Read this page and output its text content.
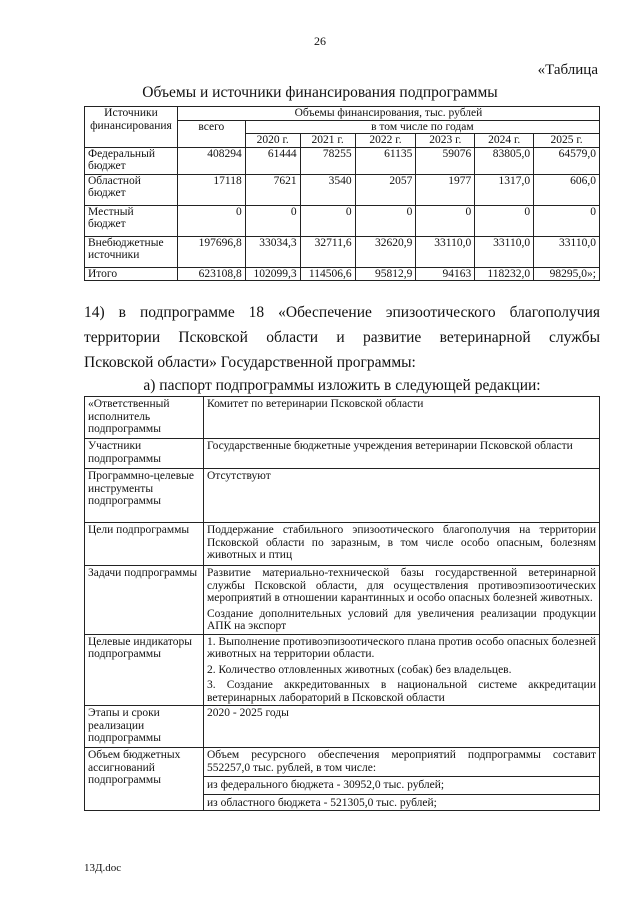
26
«Таблица
Объемы и источники финансирования подпрограммы
Источники финансирования	Объемы финансирования, тыс. рублей						
	всего	в том числе по годам					
		2020 г.	2021 г.	2022 г.	2023 г.	2024 г.	2025 г.
Федеральный бюджет	408294	61444	78255	61135	59076	83805,0	64579,0
Областной бюджет	17118	7621	3540	2057	1977	1317,0	606,0
Местный бюджет	0	0	0	0	0	0	0
Внебюджетные источники	197696,8	33034,3	32711,6	32620,9	33110,0	33110,0	33110,0
Итого	623108,8	102099,3	114506,6	95812,9	94163	118232,0	98295,0»;
14) в подпрограмме 18 «Обеспечение эпизоотического благополучия
территории Псковской области и развитие ветеринарной службы
Псковской области» Государственной программы:
а) паспорт подпрограммы изложить в следующей редакции:
«Ответственный исполнитель подпрограммы	Комитет по ветеринарии Псковской области
Участники подпрограммы	Государственные бюджетные учреждения ветеринарии Псковской области
Программно-целевые инструменты подпрограммы	Отсутствуют
Цели подпрограммы	Поддержание стабильного эпизоотического благополучия на территории Псковской области по заразным, в том числе особо опасным, болезням животных и птиц
Задачи подпрограммы	Развитие материально-технической базы государственной ветеринарной службы Псковской области, для осуществления противоэпизоотических мероприятий в отношении карантинных и особо опасных болезней животных.
Создание дополнительных условий для увеличения реализации продукции АПК на экспорт

Целевые индикаторы подпрограммы	1. Выполнение противоэпизоотического плана против особо опасных болезней животных на территории области.
2. Количество отловленных животных (собак) без владельцев.
3. Создание аккредитованных в национальной системе аккредитации ветеринарных лабораторий в Псковской области

Этапы и сроки реализации подпрограммы	2020 - 2025 годы
Объем бюджетных ассигнований подпрограммы	Объем ресурсного обеспечения мероприятий подпрограммы составит 552257,0 тыс. рублей, в том числе:
из федерального бюджета - 30952,0 тыс. рублей;
из областного бюджета - 521305,0 тыс. рублей;
13Д.doc
